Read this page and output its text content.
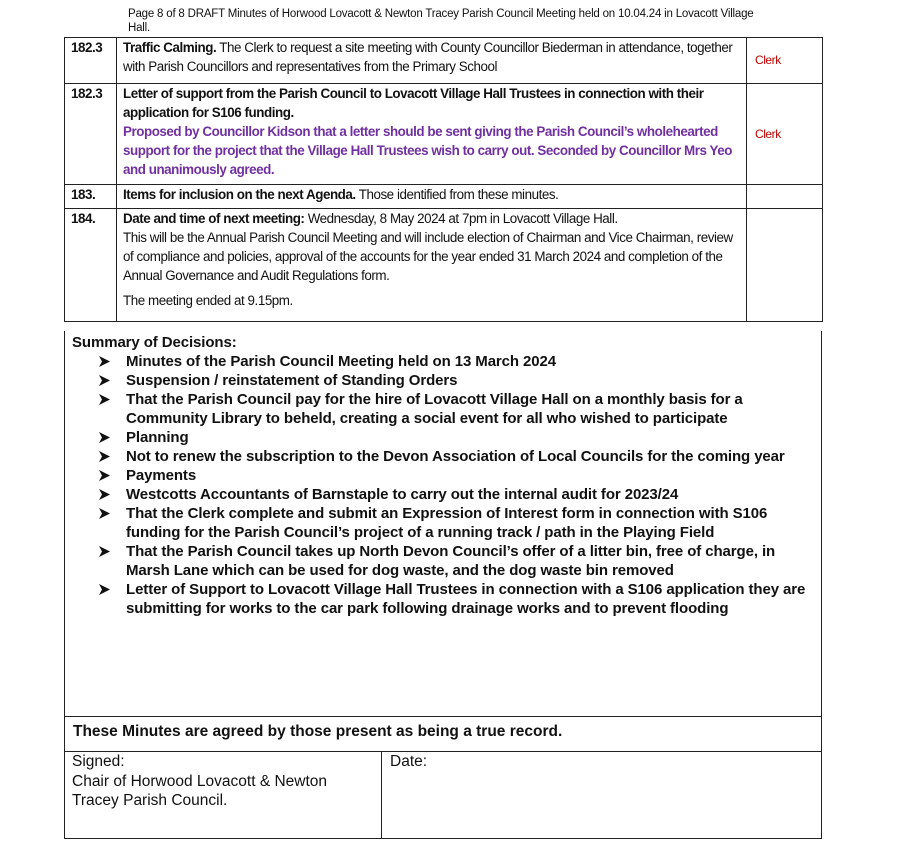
Page 8 of 8 DRAFT Minutes of Horwood Lovacott & Newton Tracey Parish Council Meeting held on 10.04.24 in Lovacott Village Hall.
182.3	Traffic Calming. The Clerk to request a site meeting with County Councillor Biederman in attendance, together with Parish Councillors and representatives from the Primary School	Clerk
182.3	Letter of support from the Parish Council to Lovacott Village Hall Trustees in connection with their application for S106 funding.
Proposed by Councillor Kidson that a letter should be sent giving the Parish Council’s wholehearted support for the project that the Village Hall Trustees wish to carry out. Seconded by Councillor Mrs Yeo and unanimously agreed.	Clerk
183.	Items for inclusion on the next Agenda. Those identified from these minutes.	
184.	Date and time of next meeting: Wednesday, 8 May 2024 at 7pm in Lovacott Village Hall.
This will be the Annual Parish Council Meeting and will include election of Chairman and Vice Chairman, review of compliance and policies, approval of the accounts for the year ended 31 March 2024 and completion of the Annual Governance and Audit Regulations form.
The meeting ended at 9.15pm.	

Summary of Decisions:
Minutes of the Parish Council Meeting held on 13 March 2024
Suspension / reinstatement of Standing Orders
That the Parish Council pay for the hire of Lovacott Village Hall on a monthly basis for a Community Library to beheld, creating a social event for all who wished to participate
Planning
Not to renew the subscription to the Devon Association of Local Councils for the coming year
Payments
Westcotts Accountants of Barnstaple to carry out the internal audit for 2023/24
That the Clerk complete and submit an Expression of Interest form in connection with S106 funding for the Parish Council’s project of a running track / path in the Playing Field
That the Parish Council takes up North Devon Council’s offer of a litter bin, free of charge, in Marsh Lane which can be used for dog waste, and the dog waste bin removed
Letter of Support to Lovacott Village Hall Trustees in connection with a S106 application they are submitting for works to the car park following drainage works and to prevent flooding
These Minutes are agreed by those present as being a true record.
Signed:
Chair of Horwood Lovacott & Newton Tracey Parish Council.
Date:
